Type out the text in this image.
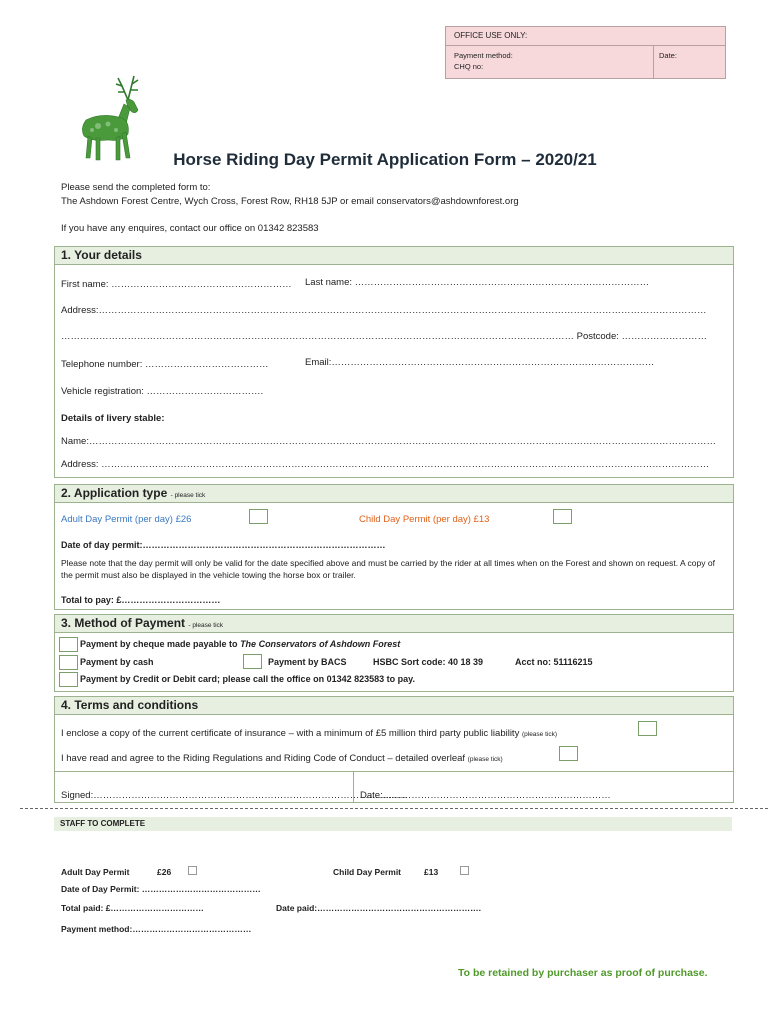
OFFICE USE ONLY:
Payment method:
CHQ no:
Date:
Horse Riding Day Permit Application Form – 2020/21
Please send the completed form to:
The Ashdown Forest Centre, Wych Cross, Forest Row, RH18 5JP or email conservators@ashdownforest.org
If you have any enquires, contact our office on 01342 823583
1. Your details
First name: ………………………………………………… Last name: …………………………………………………………………………………
Address:…………………………………………………………………………………………………………………………………………………………………………
……………………………………………………………………………………………………………………………………………… Postcode: ………………………
Telephone number: …………………………………	Email:…………………………………………………………………………………………
Vehicle registration: ……………………………….
Details of livery stable:
Name:………………………………………………………………………………………………………………………………………………………………………………
Address: …………………………………………………………………………………………………………………………………………………………………………
2. Application type - please tick
Adult Day Permit (per day) £26	Child Day Permit (per day) £13
Date of day permit:………………………………………………………………………
Please note that the day permit will only be valid for the date specified above and must be carried by the rider at all times when on the Forest and shown on request. A copy of the permit must also be displayed in the vehicle towing the horse box or trailer.
Total to pay: £……………………………
3. Method of Payment - please tick
Payment by cheque made payable to The Conservators of Ashdown Forest
Payment by cash	Payment by BACS	HSBC Sort code: 40 18 39	Acct no: 51116215
Payment by Credit or Debit card; please call the office on 01342 823583 to pay.
4. Terms and conditions
I enclose a copy of the current certificate of insurance – with a minimum of £5 million third party public liability (please tick)
I have read and agree to the Riding Regulations and Riding Code of Conduct – detailed overleaf (please tick)
Signed:………………………………………………………………………………………
Date:………………………………………………………………
STAFF TO COMPLETE
Adult Day Permit	£26	Child Day Permit	£13
Date of Day Permit: ……………………………………
Total paid: £……………………………	Date paid:………………………………………………….
Payment method:……………………………………
To be retained by purchaser as proof of purchase.
